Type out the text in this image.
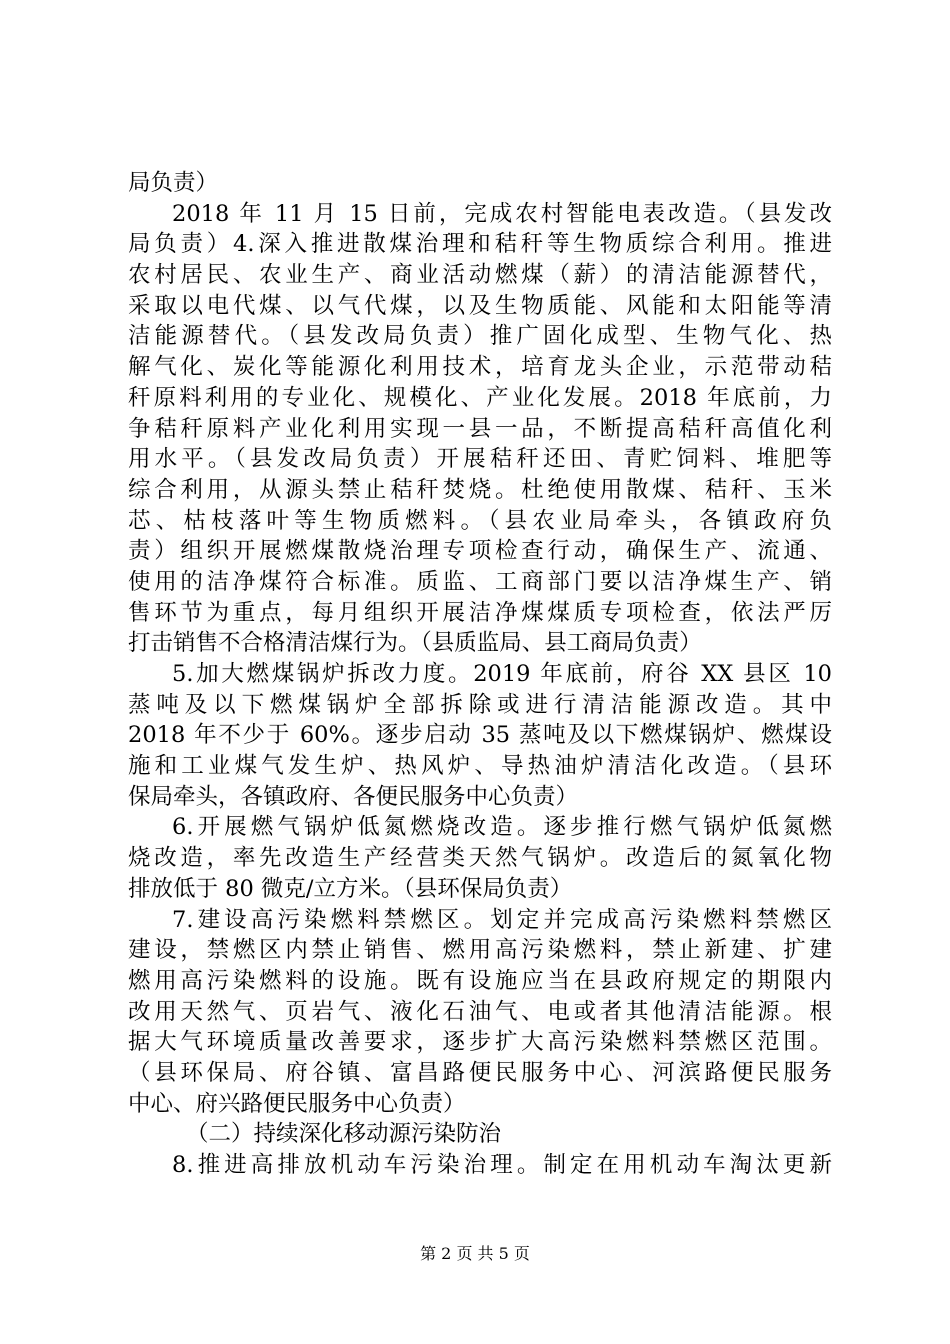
局负责）
2018 年 11 月 15 日前，完成农村智能电表改造。（县发改
局负责）4.深入推进散煤治理和秸秆等生物质综合利用。推进
农村居民、农业生产、商业活动燃煤（薪）的清洁能源替代，
采取以电代煤、以气代煤，以及生物质能、风能和太阳能等清
洁能源替代。（县发改局负责）推广固化成型、生物气化、热
解气化、炭化等能源化利用技术，培育龙头企业，示范带动秸
秆原料利用的专业化、规模化、产业化发展。2018 年底前，力
争秸秆原料产业化利用实现一县一品，不断提高秸秆高值化利
用水平。（县发改局负责）开展秸秆还田、青贮饲料、堆肥等
综合利用，从源头禁止秸秆焚烧。杜绝使用散煤、秸秆、玉米
芯、枯枝落叶等生物质燃料。（县农业局牵头，各镇政府负
责）组织开展燃煤散烧治理专项检查行动，确保生产、流通、
使用的洁净煤符合标准。质监、工商部门要以洁净煤生产、销
售环节为重点，每月组织开展洁净煤煤质专项检查，依法严厉
打击销售不合格清洁煤行为。（县质监局、县工商局负责）
5.加大燃煤锅炉拆改力度。2019 年底前，府谷 XX 县区 10
蒸吨及以下燃煤锅炉全部拆除或进行清洁能源改造。其中
2018 年不少于 60%。逐步启动 35 蒸吨及以下燃煤锅炉、燃煤设
施和工业煤气发生炉、热风炉、导热油炉清洁化改造。（县环
保局牵头，各镇政府、各便民服务中心负责）
6.开展燃气锅炉低氮燃烧改造。逐步推行燃气锅炉低氮燃
烧改造，率先改造生产经营类天然气锅炉。改造后的氮氧化物
排放低于 80 微克/立方米。（县环保局负责）
7.建设高污染燃料禁燃区。划定并完成高污染燃料禁燃区
建设，禁燃区内禁止销售、燃用高污染燃料，禁止新建、扩建
燃用高污染燃料的设施。既有设施应当在县政府规定的期限内
改用天然气、页岩气、液化石油气、电或者其他清洁能源。根
据大气环境质量改善要求，逐步扩大高污染燃料禁燃区范围。
（县环保局、府谷镇、富昌路便民服务中心、河滨路便民服务
中心、府兴路便民服务中心负责）
（二）持续深化移动源污染防治
8.推进高排放机动车污染治理。制定在用机动车淘汰更新
第 2 页 共 5 页
